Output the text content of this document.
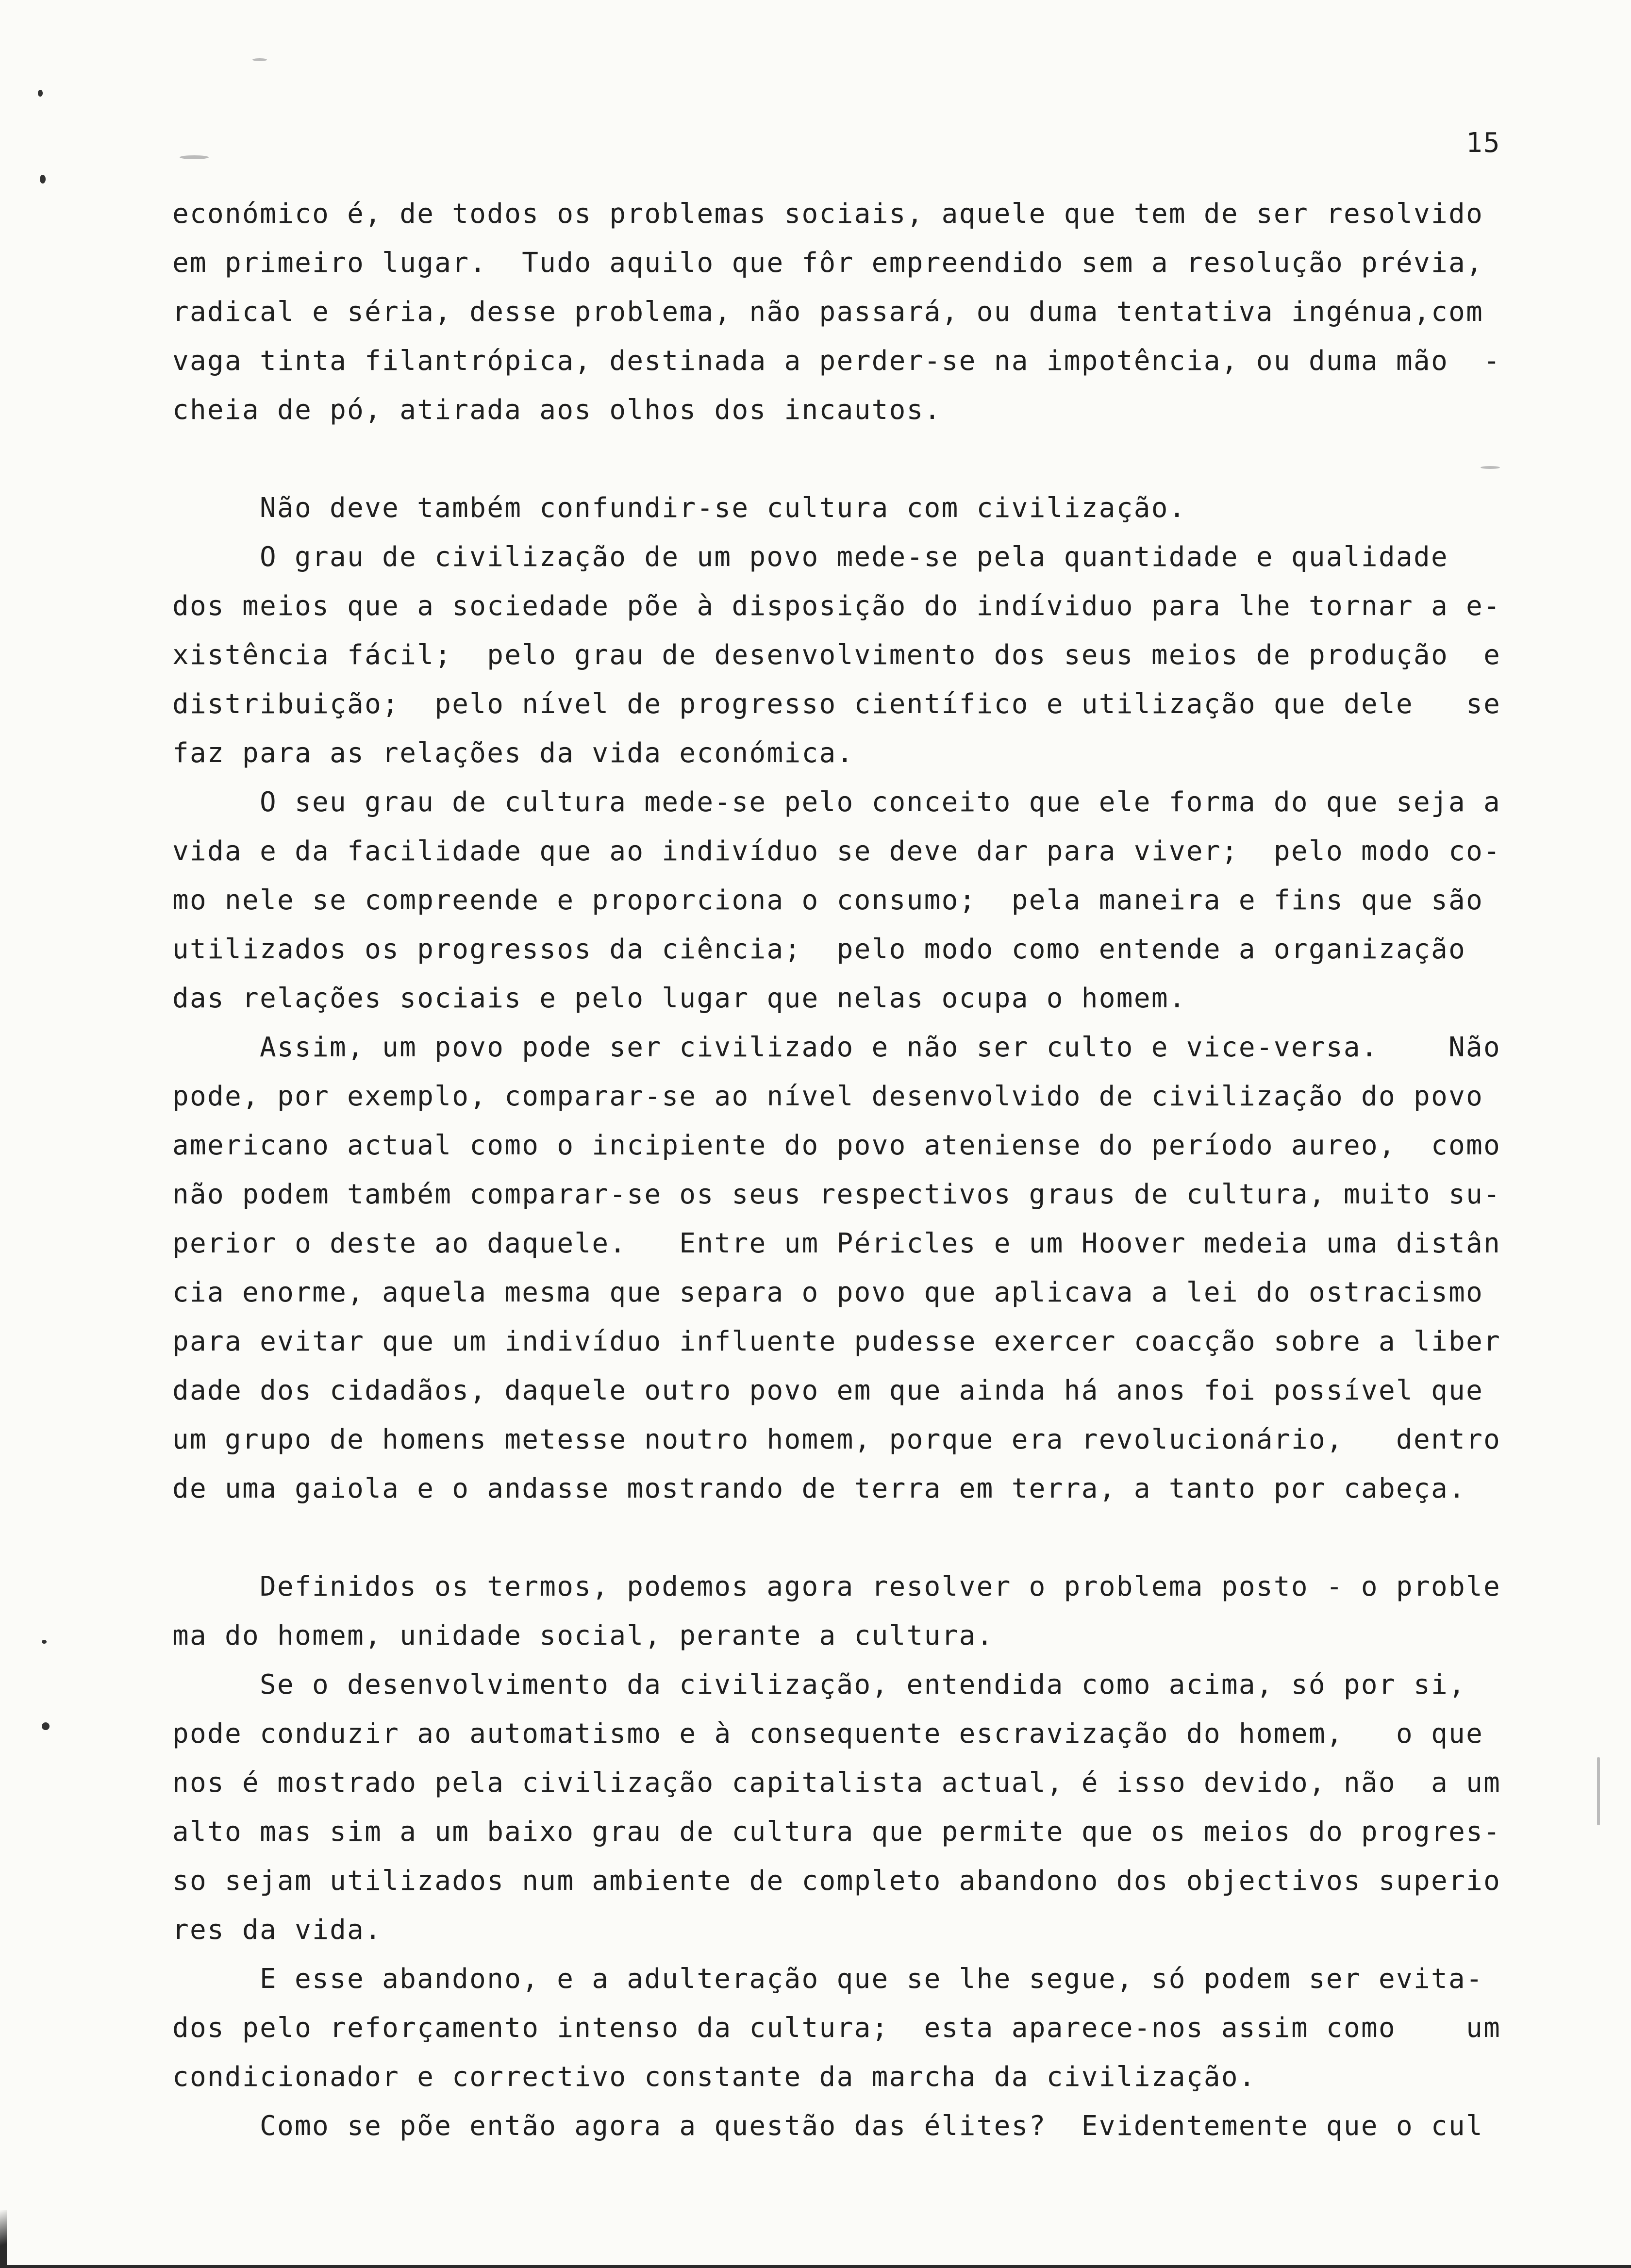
15
económico é, de todos os problemas sociais, aquele que tem de ser resolvido
em primeiro lugar.  Tudo aquilo que fôr empreendido sem a resolução prévia,
radical e séria, desse problema, não passará, ou duma tentativa ingénua,com
vaga tinta filantrópica, destinada a perder-se na impotência, ou duma mão  -
cheia de pó, atirada aos olhos dos incautos.
Não deve também confundir-se cultura com civilização.
O grau de civilização de um povo mede-se pela quantidade e qualidade
dos meios que a sociedade põe à disposição do indíviduo para lhe tornar a e-
xistência fácil;  pelo grau de desenvolvimento dos seus meios de produção  e
distribuição;  pelo nível de progresso científico e utilização que dele   se
faz para as relações da vida económica.
O seu grau de cultura mede-se pelo conceito que ele forma do que seja a
vida e da facilidade que ao indivíduo se deve dar para viver;  pelo modo co-
mo nele se compreende e proporciona o consumo;  pela maneira e fins que são
utilizados os progressos da ciência;  pelo modo como entende a organização
das relações sociais e pelo lugar que nelas ocupa o homem.
Assim, um povo pode ser civilizado e não ser culto e vice-versa.    Não
pode, por exemplo, comparar-se ao nível desenvolvido de civilização do povo
americano actual como o incipiente do povo ateniense do período aureo,  como
não podem também comparar-se os seus respectivos graus de cultura, muito su-
perior o deste ao daquele.   Entre um Péricles e um Hoover medeia uma distân
cia enorme, aquela mesma que separa o povo que aplicava a lei do ostracismo
para evitar que um indivíduo influente pudesse exercer coacção sobre a liber
dade dos cidadãos, daquele outro povo em que ainda há anos foi possível que
um grupo de homens metesse noutro homem, porque era revolucionário,   dentro
de uma gaiola e o andasse mostrando de terra em terra, a tanto por cabeça.
Definidos os termos, podemos agora resolver o problema posto - o proble
ma do homem, unidade social, perante a cultura.
Se o desenvolvimento da civilização, entendida como acima, só por si,
pode conduzir ao automatismo e à consequente escravização do homem,   o que
nos é mostrado pela civilização capitalista actual, é isso devido, não  a um
alto mas sim a um baixo grau de cultura que permite que os meios do progres-
so sejam utilizados num ambiente de completo abandono dos objectivos superio
res da vida.
E esse abandono, e a adulteração que se lhe segue, só podem ser evita-
dos pelo reforçamento intenso da cultura;  esta aparece-nos assim como    um
condicionador e correctivo constante da marcha da civilização.
Como se põe então agora a questão das élites?  Evidentemente que o cul
